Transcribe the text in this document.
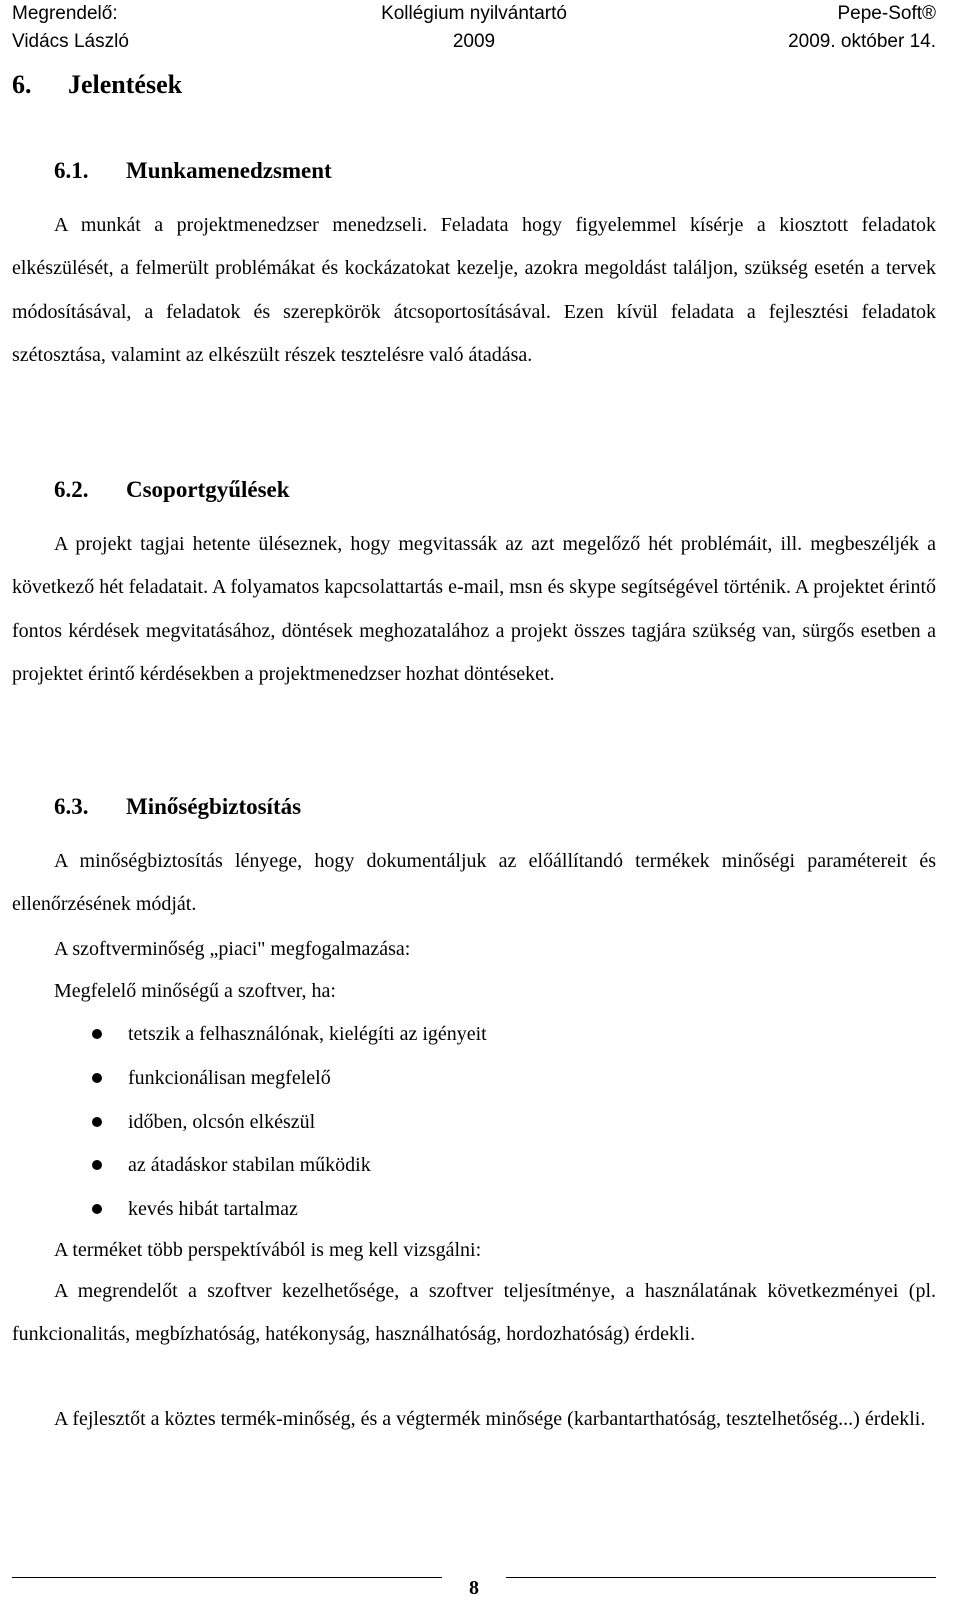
Megrendelő:	Kollégium nyilvántartó	Pepe-Soft®
Vidács László	2009	2009. október 14.
6. Jelentések
6.1. Munkamenedzsment

A munkát a projektmenedzser menedzseli. Feladata hogy figyelemmel kísérje a kiosztott feladatok elkészülését, a felmerült problémákat és kockázatokat kezelje, azokra megoldást találjon, szükség esetén a tervek módosításával, a feladatok és szerepkörök átcsoportosításával. Ezen kívül feladata a fejlesztési feladatok szétosztása, valamint az elkészült részek tesztelésre való átadása.

6.2. Csoportgyűlések

A projekt tagjai hetente üléseznek, hogy megvitassák az azt megelőző hét problémáit, ill. megbeszéljék a következő hét feladatait. A folyamatos kapcsolattartás e-mail, msn és skype segítségével történik. A projektet érintő fontos kérdések megvitatásához, döntések meghozatalához a projekt összes tagjára szükség van, sürgős esetben a projektet érintő kérdésekben a projektmenedzser hozhat döntéseket.

6.3. Minőségbiztosítás

A minőségbiztosítás lényege, hogy dokumentáljuk az előállítandó termékek minőségi paramétereit és ellenőrzésének módját.

A szoftverminőség „piaci" megfogalmazása:
Megfelelő minőségű a szoftver, ha:
tetszik a felhasználónak, kielégíti az igényeit
funkcionálisan megfelelő
időben, olcsón elkészül
az átadáskor stabilan működik
kevés hibát tartalmaz
A terméket több perspektívából is meg kell vizsgálni:

A megrendelőt a szoftver kezelhetősége, a szoftver teljesítménye, a használatának következményei (pl. funkcionalitás, megbízhatóság, hatékonyság, használhatóság, hordozhatóság) érdekli.

A fejlesztőt a köztes termék-minőség, és a végtermék minősége (karbantarthatóság, tesztelhetőség...) érdekli.

8
